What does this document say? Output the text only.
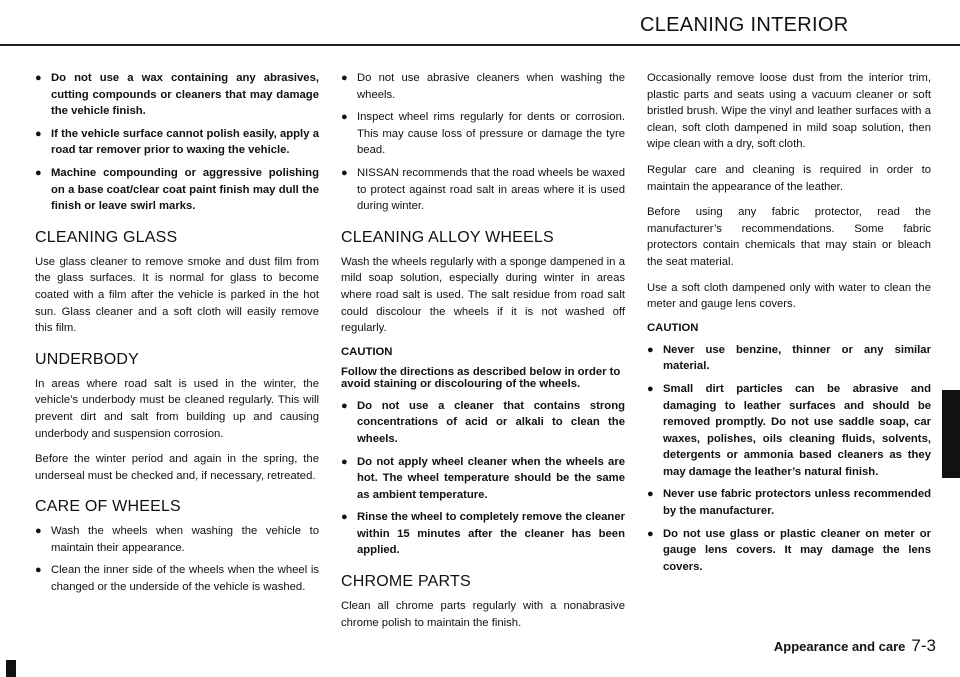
CLEANING INTERIOR
● Do not use a wax containing any abrasives, cutting compounds or cleaners that may damage the vehicle finish.
● If the vehicle surface cannot polish easily, apply a road tar remover prior to waxing the vehicle.
● Machine compounding or aggressive polishing on a base coat/clear coat paint finish may dull the finish or leave swirl marks.
CLEANING GLASS

Use glass cleaner to remove smoke and dust film from the glass surfaces. It is normal for glass to become coated with a film after the vehicle is parked in the hot sun. Glass cleaner and a soft cloth will easily remove this film.

UNDERBODY

In areas where road salt is used in the winter, the vehicle’s underbody must be cleaned regularly. This will prevent dirt and salt from building up and causing underbody and suspension corrosion.

Before the winter period and again in the spring, the underseal must be checked and, if necessary, retreated.

CARE OF WHEELS
● Wash the wheels when washing the vehicle to maintain their appearance.
● Clean the inner side of the wheels when the wheel is changed or the underside of the vehicle is washed.
● Do not use abrasive cleaners when washing the wheels.
● Inspect wheel rims regularly for dents or corrosion. This may cause loss of pressure or damage the tyre bead.
● NISSAN recommends that the road wheels be waxed to protect against road salt in areas where it is used during winter.
CLEANING ALLOY WHEELS

Wash the wheels regularly with a sponge dampened in a mild soap solution, especially during winter in areas where road salt is used. The salt residue from road salt could discolour the wheels if it is not washed off regularly.

CAUTION
Follow the directions as described below in order to avoid staining or discolouring of the wheels.
● Do not use a cleaner that contains strong concentrations of acid or alkali to clean the wheels.
● Do not apply wheel cleaner when the wheels are hot. The wheel temperature should be the same as ambient temperature.
● Rinse the wheel to completely remove the cleaner within 15 minutes after the cleaner has been applied.
CHROME PARTS

Clean all chrome parts regularly with a nonabrasive chrome polish to maintain the finish.

Occasionally remove loose dust from the interior trim, plastic parts and seats using a vacuum cleaner or soft bristled brush. Wipe the vinyl and leather surfaces with a clean, soft cloth dampened in mild soap solution, then wipe clean with a dry, soft cloth.

Regular care and cleaning is required in order to maintain the appearance of the leather.

Before using any fabric protector, read the manufacturer’s recommendations. Some fabric protectors contain chemicals that may stain or bleach the seat material.

Use a soft cloth dampened only with water to clean the meter and gauge lens covers.

CAUTION
● Never use benzine, thinner or any similar material.
● Small dirt particles can be abrasive and damaging to leather surfaces and should be removed promptly. Do not use saddle soap, car waxes, polishes, oils cleaning fluids, solvents, detergents or ammonia based cleaners as they may damage the leather’s natural finish.
● Never use fabric protectors unless recommended by the manufacturer.
● Do not use glass or plastic cleaner on meter or gauge lens covers. It may damage the lens covers.
Appearance and care 7-3
